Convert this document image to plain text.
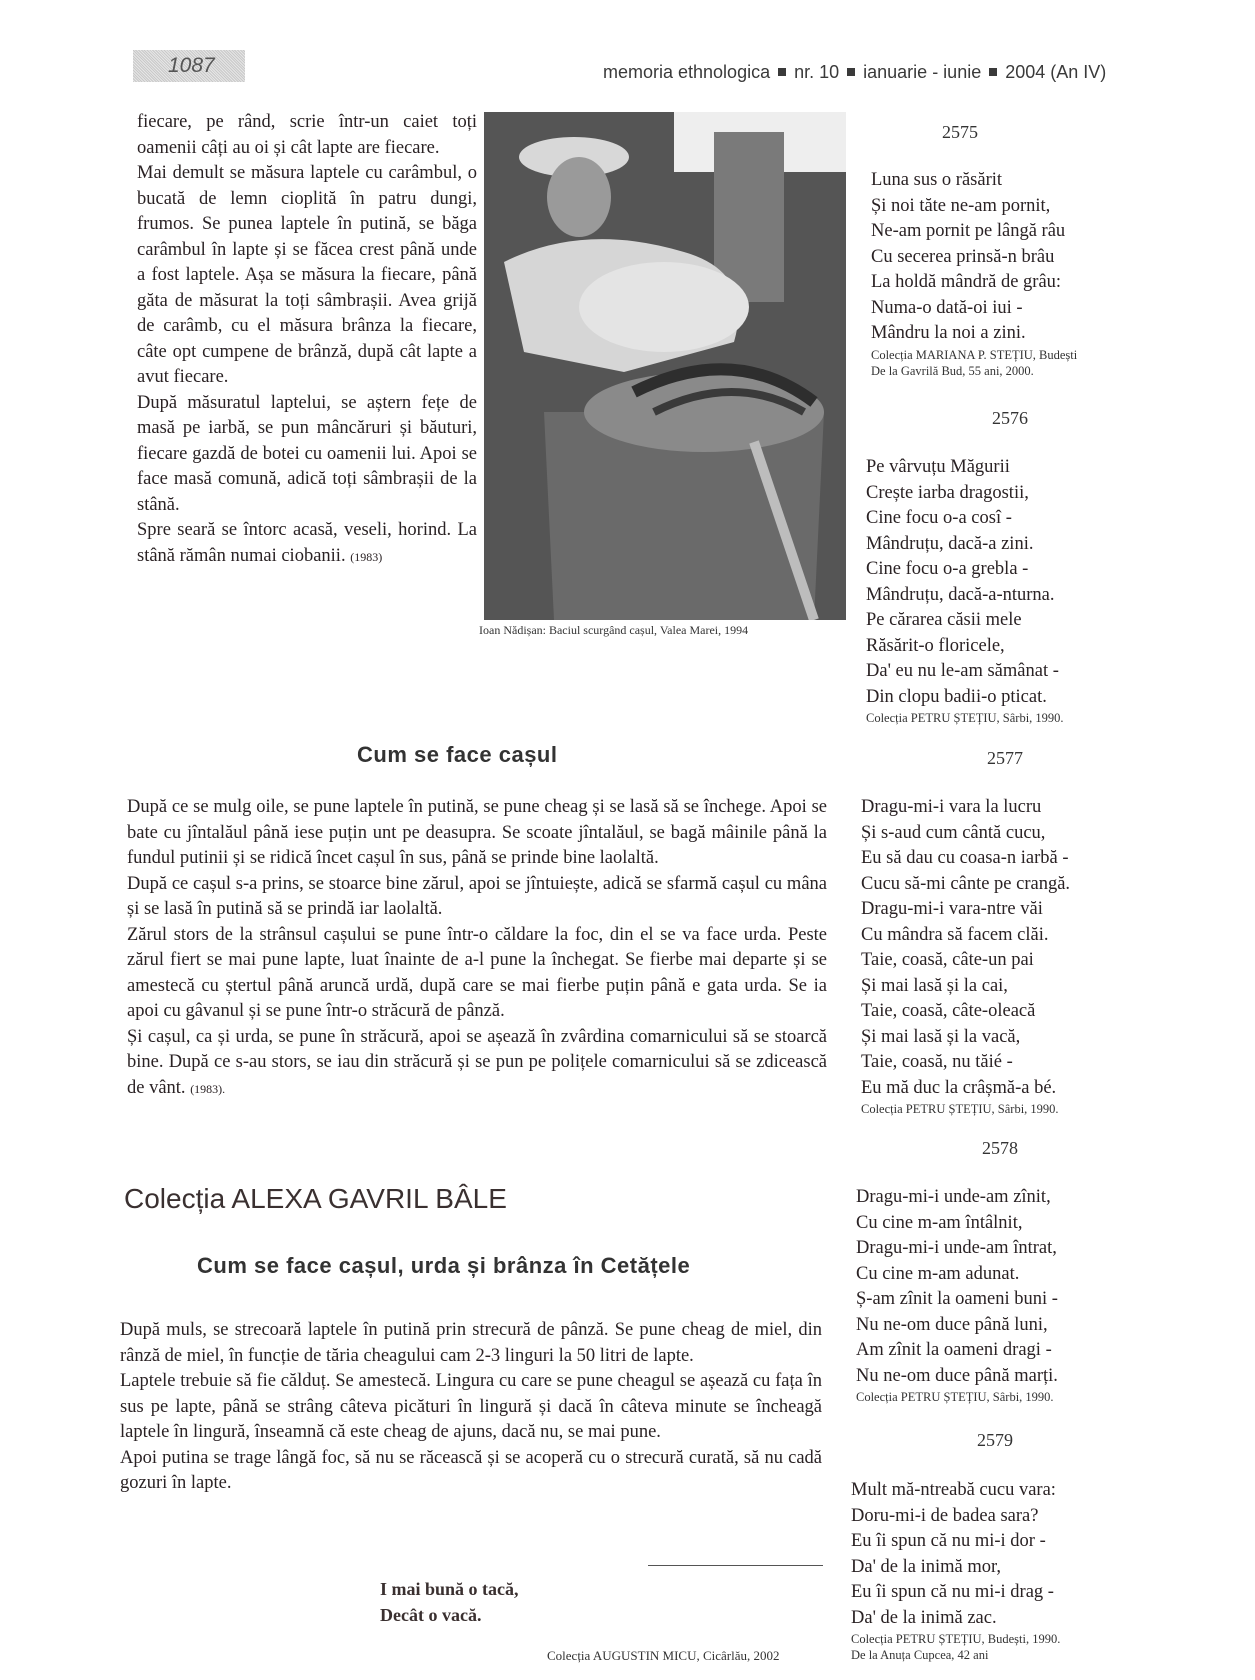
1087	memoria ethnologica nr. 10 ianuarie - iunie 2004 (An IV)

fiecare, pe rând, scrie într-un caiet toți oamenii câți au oi și cât lapte are fiecare.

Mai demult se măsura laptele cu carâmbul, o bucată de lemn cioplită în patru dungi, frumos. Se punea laptele în putină, se băga carâmbul în lapte și se făcea crest până unde a fost laptele. Așa se măsura la fiecare, până găta de măsurat la toți sâmbrașii. Avea grijă de carâmb, cu el măsura brânza la fiecare, câte opt cumpene de brânză, după cât lapte a avut fiecare.

După măsuratul laptelui, se aștern fețe de masă pe iarbă, se pun mâncăruri și băuturi, fiecare gazdă de botei cu oamenii lui. Apoi se face masă comună, adică toți sâmbrașii de la stână.

Spre seară se întorc acasă, veseli, horind. La stână rămân numai ciobanii. (1983)

Ioan Nădișan: Baciul scurgând cașul, Valea Marei, 1994
Cum se face cașul

După ce se mulg oile, se pune laptele în putină, se pune cheag și se lasă să se închege. Apoi se bate cu jîntalăul până iese puțin unt pe deasupra. Se scoate jîntalăul, se bagă mâinile până la fundul putinii și se ridică încet cașul în sus, până se prinde bine laolaltă.

După ce cașul s-a prins, se stoarce bine zărul, apoi se jîntuiește, adică se sfarmă cașul cu mâna și se lasă în putină să se prindă iar laolaltă.

Zărul stors de la strânsul cașului se pune într-o căldare la foc, din el se va face urda. Peste zărul fiert se mai pune lapte, luat înainte de a-l pune la închegat. Se fierbe mai departe și se amestecă cu ștertul până aruncă urdă, după care se mai fierbe puțin până e gata urda. Se ia apoi cu gâvanul și se pune într-o străcură de pânză.

Și cașul, ca și urda, se pune în străcură, apoi se așează în zvârdina comarnicului să se stoarcă bine. După ce s-au stors, se iau din străcură și se pun pe polițele comarnicului să se zdicească de vânt. (1983).

Colecția ALEXA GAVRIL BÂLE
Cum se face cașul, urda și brânza în Cetățele

După muls, se strecoară laptele în putină prin strecură de pânză. Se pune cheag de miel, din rânză de miel, în funcție de tăria cheagului cam 2-3 linguri la 50 litri de lapte.

Laptele trebuie să fie călduț. Se amestecă. Lingura cu care se pune cheagul se așează cu fața în sus pe lapte, până se strâng câteva picături în lingură și dacă în câteva minute se încheagă laptele în lingură, înseamnă că este cheag de ajuns, dacă nu, se mai pune.

Apoi putina se trage lângă foc, să nu se răcească și se acoperă cu o strecură curată, să nu cadă gozuri în lapte.

I mai bună o tacă,
Decât o vacă.
Colecția AUGUSTIN MICU, Cicârlău, 2002
2575
Luna sus o răsărit
Și noi tăte ne-am pornit,
Ne-am pornit pe lângă râu
Cu secerea prinsă-n brâu
La holdă mândră de grâu:
Numa-o dată-oi iui -
Mândru la noi a zini.
Colecția MARIANA P. STEȚIU, Budești
De la Gavrilă Bud, 55 ani, 2000.
2576
Pe vârvuțu Măgurii
Crește iarba dragostii,
Cine focu o-a cosî -
Mândruțu, dacă-a zini.
Cine focu o-a grebla -
Mândruțu, dacă-a-nturna.
Pe cărarea căsii mele
Răsărit-o floricele,
Da' eu nu le-am sămânat -
Din clopu badii-o pticat.
Colecția PETRU ȘTEȚIU, Sârbi, 1990.
2577
Dragu-mi-i vara la lucru
Și s-aud cum cântă cucu,
Eu să dau cu coasa-n iarbă -
Cucu să-mi cânte pe crangă.
Dragu-mi-i vara-ntre văi
Cu mândra să facem clăi.
Taie, coasă, câte-un pai
Și mai lasă și la cai,
Taie, coasă, câte-oleacă
Și mai lasă și la vacă,
Taie, coasă, nu tăié -
Eu mă duc la crâșmă-a bé.
Colecția PETRU ȘTEȚIU, Sârbi, 1990.
2578
Dragu-mi-i unde-am zînit,
Cu cine m-am întâlnit,
Dragu-mi-i unde-am întrat,
Cu cine m-am adunat.
Ș-am zînit la oameni buni -
Nu ne-om duce până luni,
Am zînit la oameni dragi -
Nu ne-om duce până marți.
Colecția PETRU ȘTEȚIU, Sârbi, 1990.
2579
Mult mă-ntreabă cucu vara:
Doru-mi-i de badea sara?
Eu îi spun că nu mi-i dor -
Da' de la inimă mor,
Eu îi spun că nu mi-i drag -
Da' de la inimă zac.
Colecția PETRU ȘTEȚIU, Budești, 1990.
De la Anuța Cupcea, 42 ani
